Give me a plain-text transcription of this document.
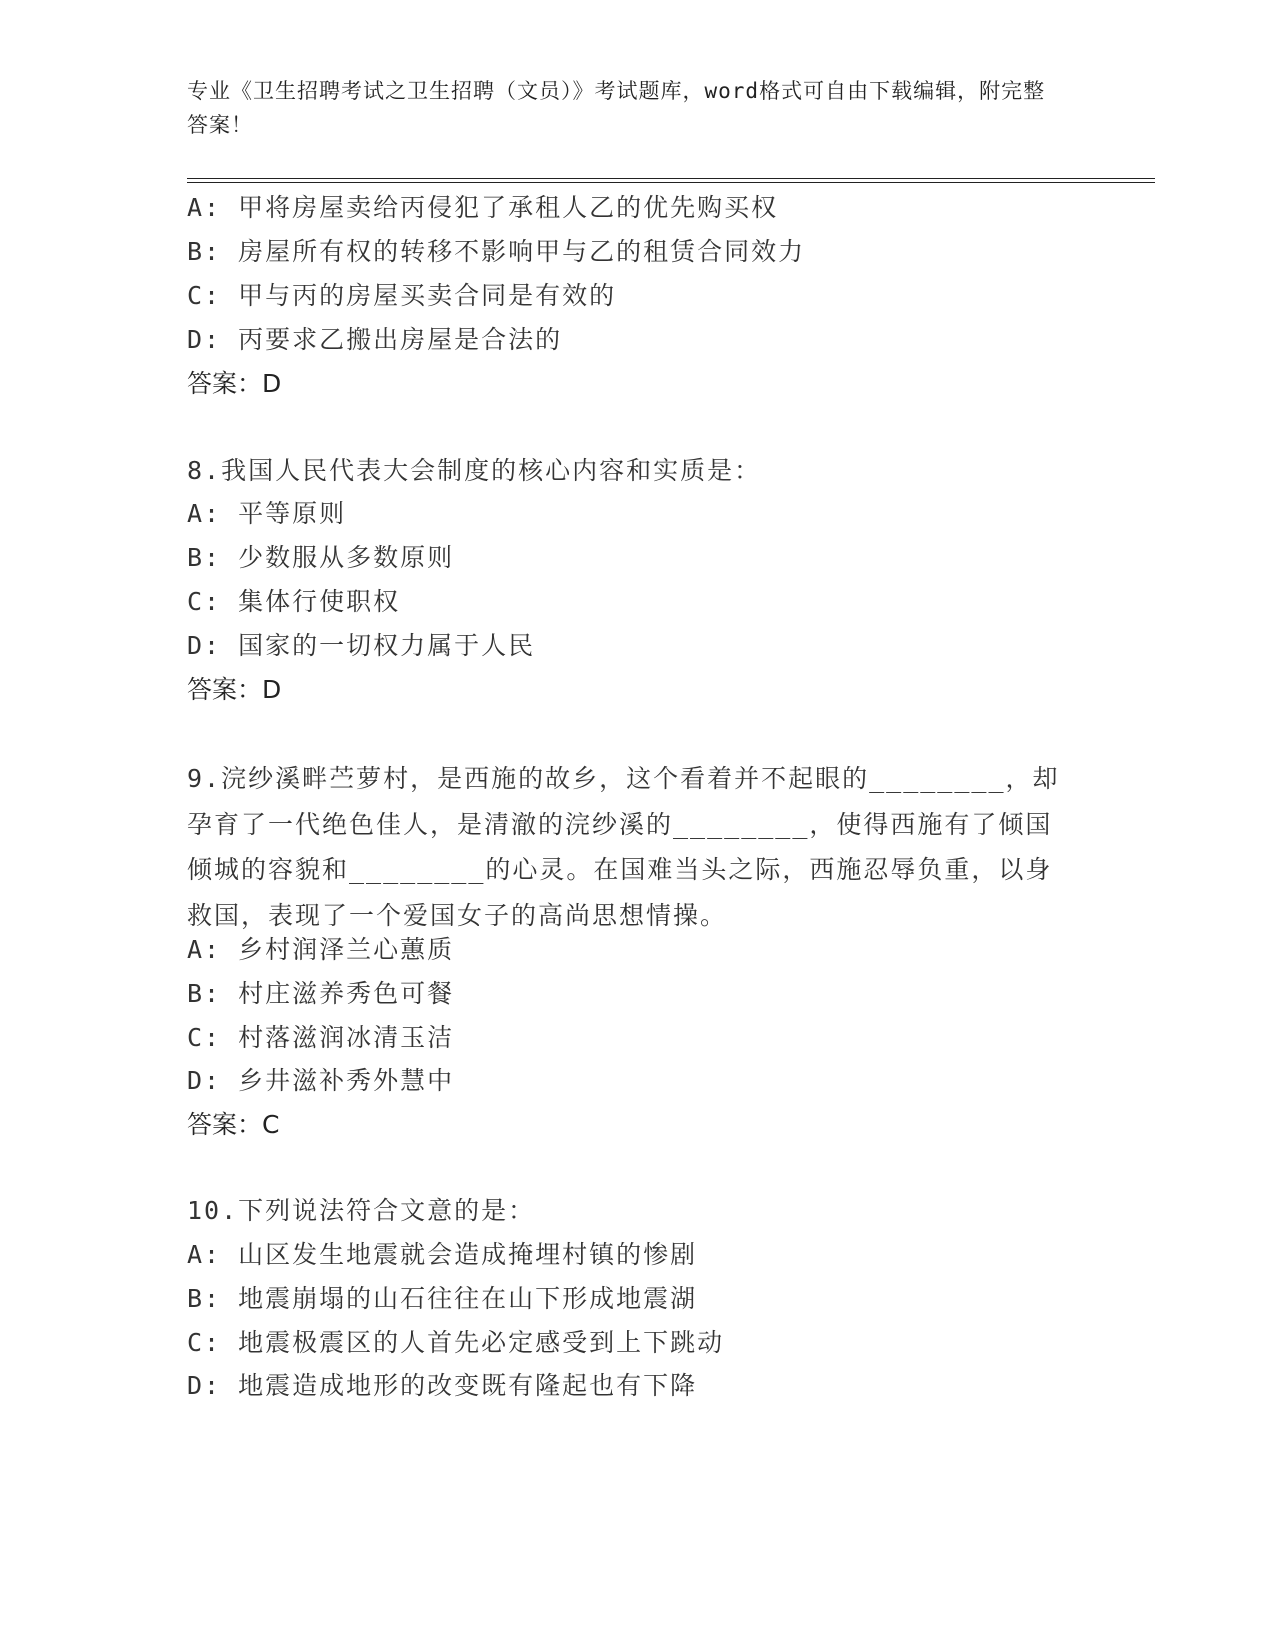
专业《卫生招聘考试之卫生招聘（文员）》考试题库，word格式可自由下载编辑，附完整答案！
A: 甲将房屋卖给丙侵犯了承租人乙的优先购买权
B: 房屋所有权的转移不影响甲与乙的租赁合同效力
C: 甲与丙的房屋买卖合同是有效的
D: 丙要求乙搬出房屋是合法的
答案：D
8.我国人民代表大会制度的核心内容和实质是：
A: 平等原则
B: 少数服从多数原则
C: 集体行使职权
D: 国家的一切权力属于人民
答案：D
9.浣纱溪畔苎萝村，是西施的故乡，这个看着并不起眼的________，却孕育了一代绝色佳人，是清澈的浣纱溪的________，使得西施有了倾国倾城的容貌和________的心灵。在国难当头之际，西施忍辱负重，以身救国，表现了一个爱国女子的高尚思想情操。
A: 乡村润泽兰心蕙质
B: 村庄滋养秀色可餐
C: 村落滋润冰清玉洁
D: 乡井滋补秀外慧中
答案：C
10.下列说法符合文意的是：
A: 山区发生地震就会造成掩埋村镇的惨剧
B: 地震崩塌的山石往往在山下形成地震湖
C: 地震极震区的人首先必定感受到上下跳动
D: 地震造成地形的改变既有隆起也有下降
